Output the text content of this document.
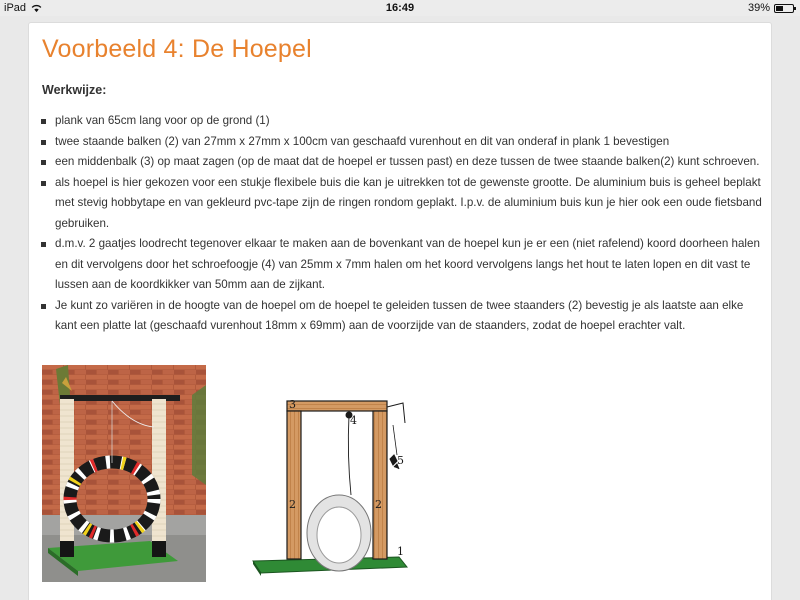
iPad	16:49	39%
Voorbeeld 4: De Hoepel
Werkwijze:
plank van 65cm lang voor op de grond (1)
twee staande balken (2) van 27mm x 27mm x 100cm van geschaafd vurenhout en dit van onderaf in plank 1 bevestigen
een middenbalk (3) op maat zagen (op de maat dat de hoepel er tussen past) en deze tussen de twee staande balken(2) kunt schroeven.
als hoepel is hier gekozen voor een stukje flexibele buis die kan je uitrekken tot de gewenste grootte. De aluminium buis is geheel beplakt met stevig hobbytape en van gekleurd pvc-tape zijn de ringen rondom geplakt. I.p.v. de aluminium buis kun je hier ook een oude fietsband gebruiken.
d.m.v. 2 gaatjes loodrecht tegenover elkaar te maken aan de bovenkant van de hoepel kun je er een (niet rafelend) koord doorheen halen en dit vervolgens door het schroefoogje (4) van 25mm x 7mm halen om het koord vervolgens langs het hout te laten lopen en dit vast te lussen aan de koordkikker van 50mm aan de zijkant.
Je kunt zo variëren in de hoogte van de hoepel om de hoepel te geleiden tussen de twee staanders (2) bevestig je als laatste aan elke kant een platte lat (geschaafd vurenhout 18mm x 69mm) aan de voorzijde van de staanders, zodat de hoepel erachter valt.
3
4
5
2	2
1
